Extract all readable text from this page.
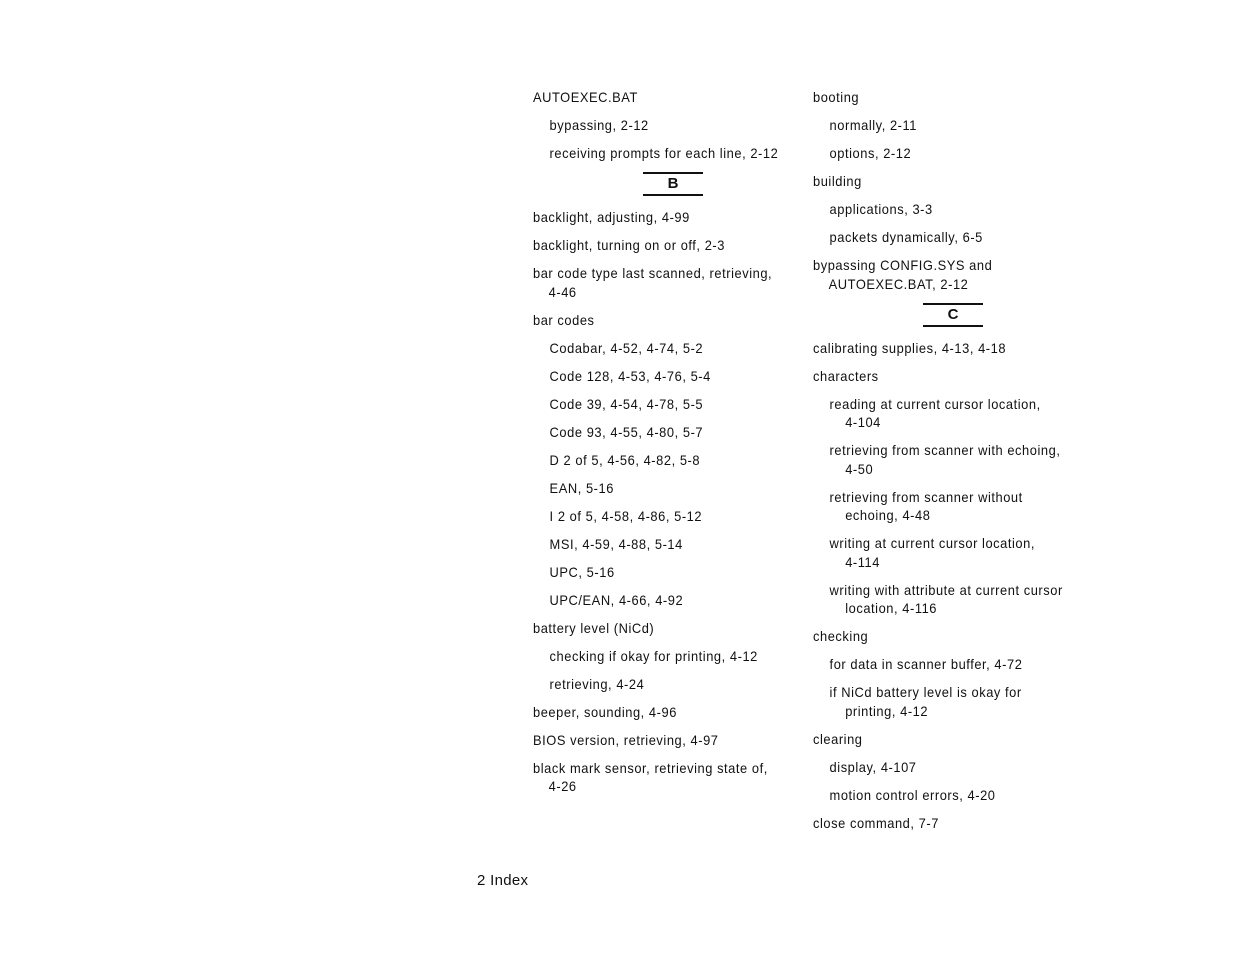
AUTOEXEC.BAT
bypassing, 2-12
receiving prompts for each line, 2-12
B
backlight, adjusting, 4-99
backlight, turning on or off, 2-3
bar code type last scanned, retrieving,
4-46
bar codes
Codabar, 4-52, 4-74, 5-2
Code 128, 4-53, 4-76, 5-4
Code 39, 4-54, 4-78, 5-5
Code 93, 4-55, 4-80, 5-7
D 2 of 5, 4-56, 4-82, 5-8
EAN, 5-16
I 2 of 5, 4-58, 4-86, 5-12
MSI, 4-59, 4-88, 5-14
UPC, 5-16
UPC/EAN, 4-66, 4-92
battery level (NiCd)
checking if okay for printing, 4-12
retrieving, 4-24
beeper, sounding, 4-96
BIOS version, retrieving, 4-97
black mark sensor, retrieving state of,
4-26
booting
normally, 2-11
options, 2-12
building
applications, 3-3
packets dynamically, 6-5
bypassing CONFIG.SYS and
AUTOEXEC.BAT, 2-12
C
calibrating supplies, 4-13, 4-18
characters
reading at current cursor location,
4-104
retrieving from scanner with echoing,
4-50
retrieving from scanner without
echoing, 4-48
writing at current cursor location,
4-114
writing with attribute at current cursor
location, 4-116
checking
for data in scanner buffer, 4-72
if NiCd battery level is okay for
printing, 4-12
clearing
display, 4-107
motion control errors, 4-20
close command, 7-7
2 Index
